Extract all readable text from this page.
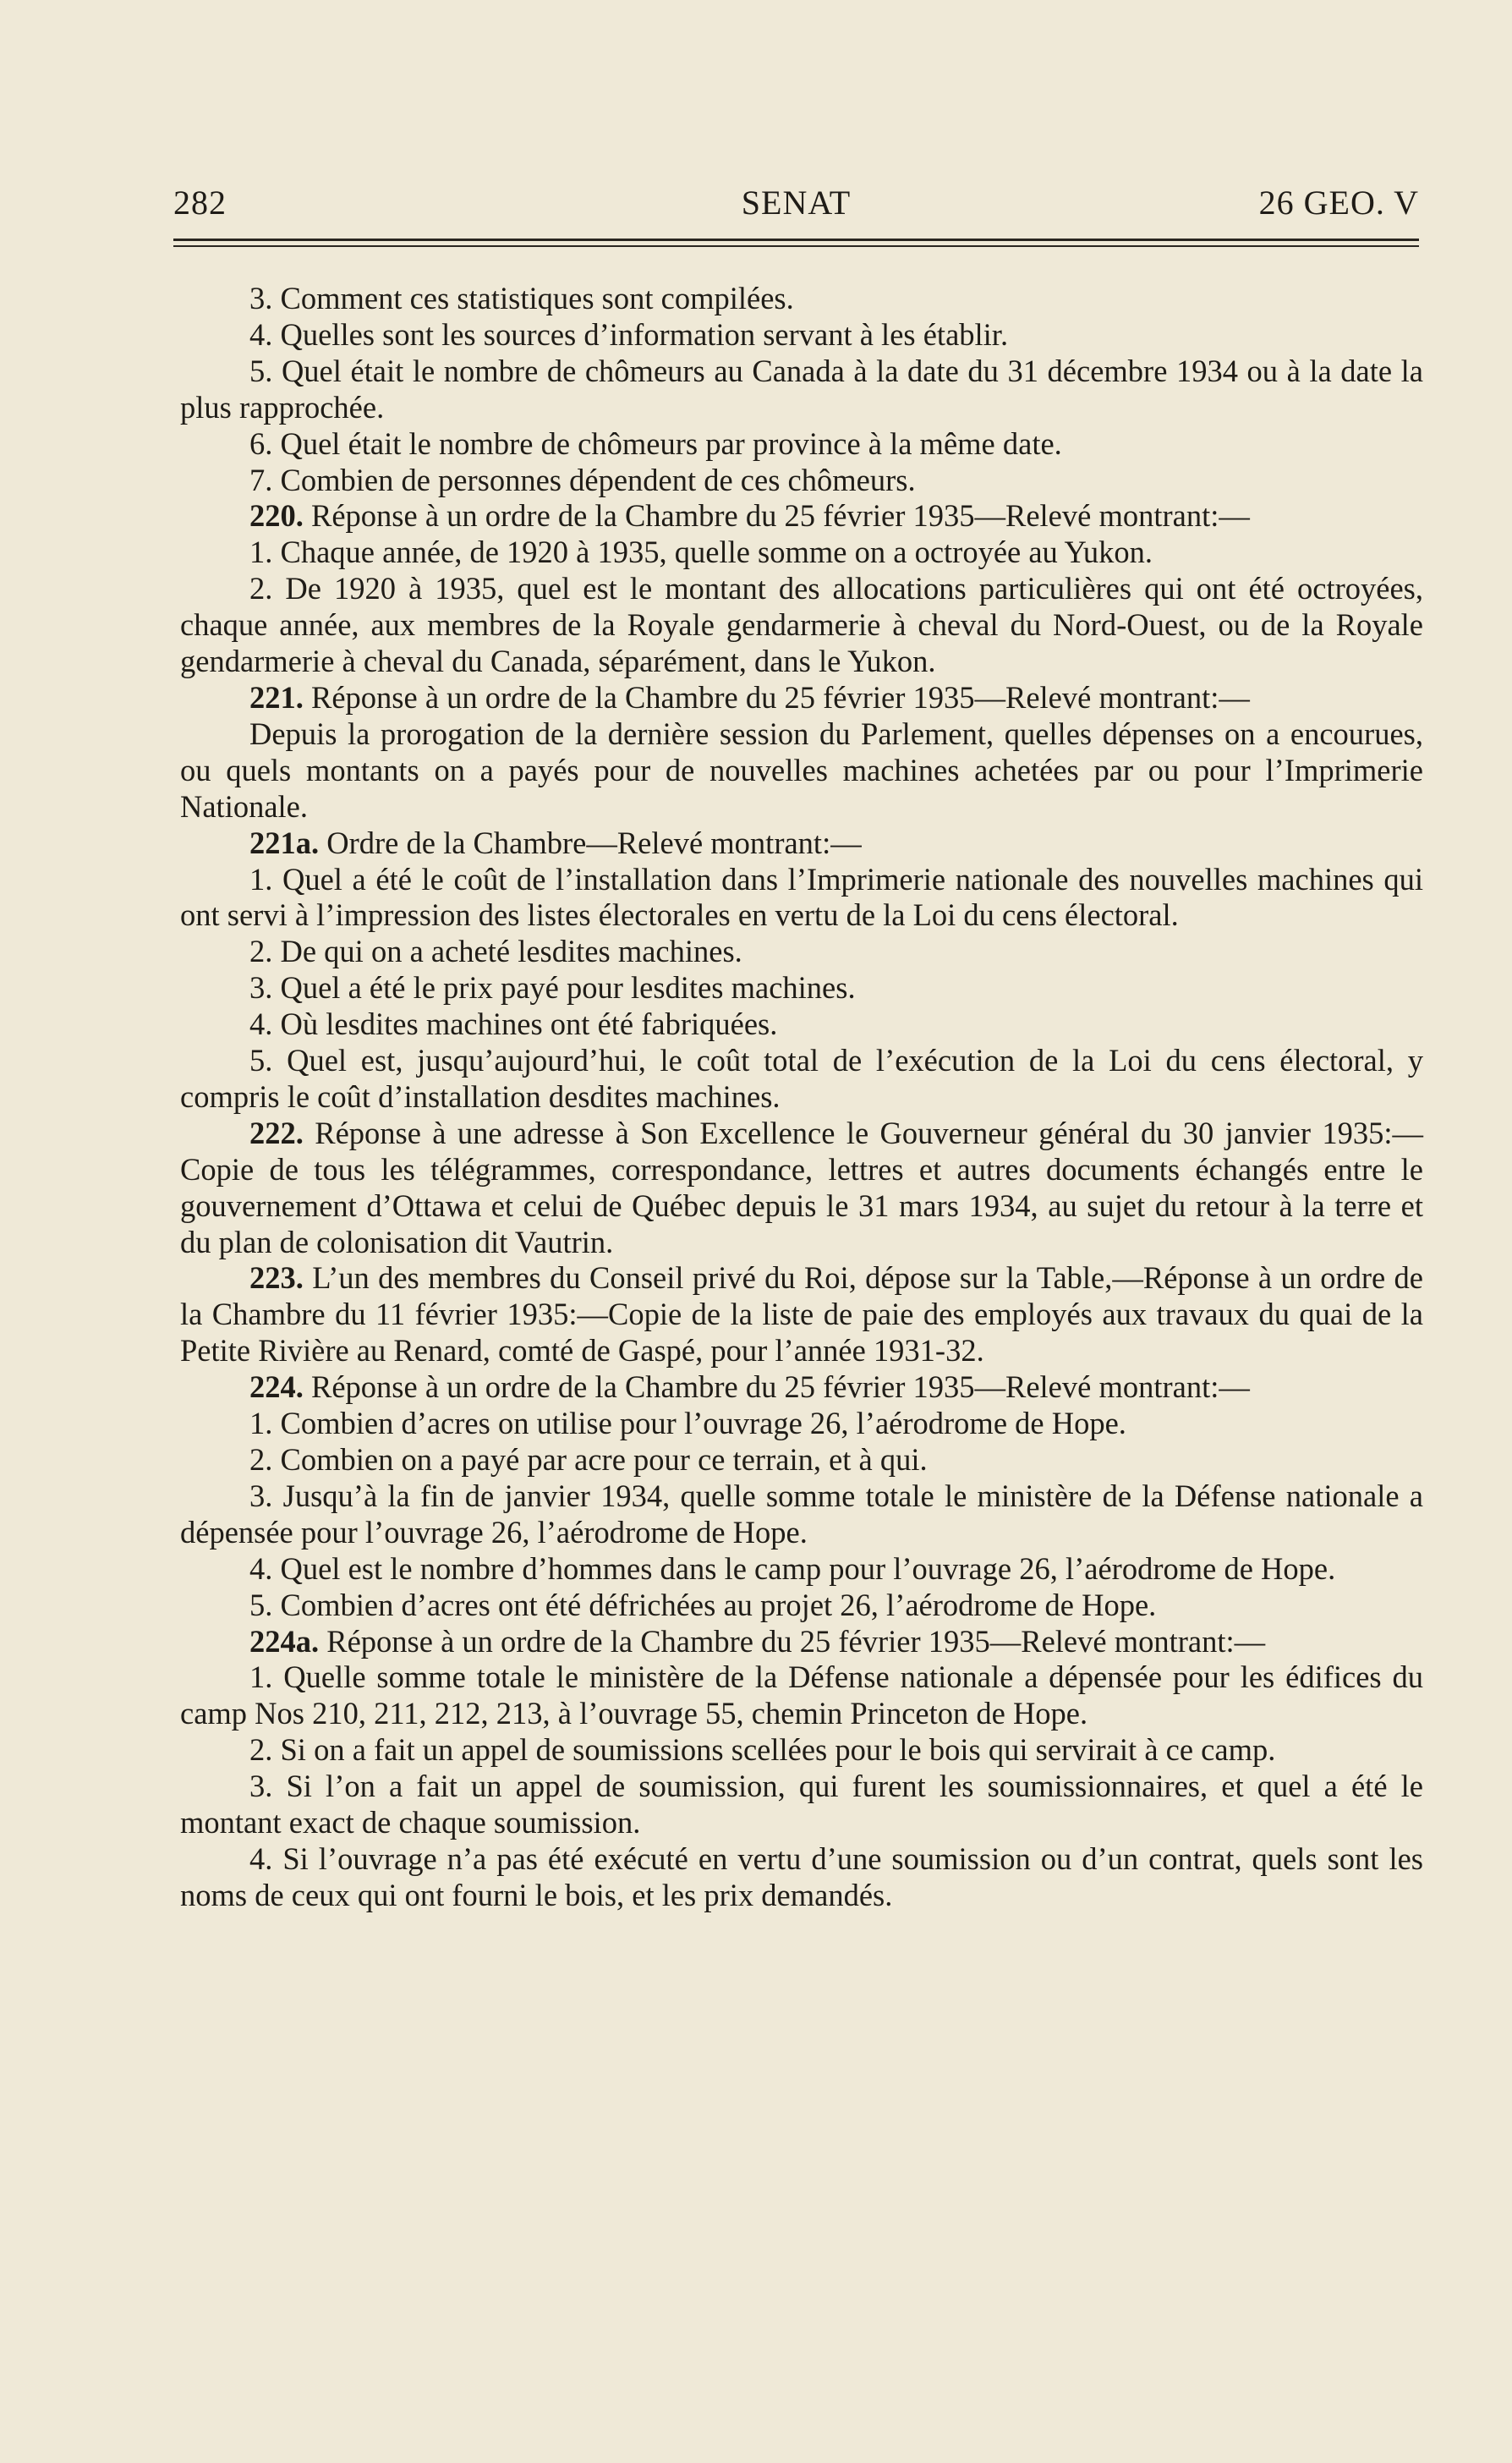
282	SENAT	26 GEO. V

3. Comment ces statistiques sont compilées.

4. Quelles sont les sources d’information servant à les établir.

5. Quel était le nombre de chômeurs au Canada à la date du 31 décembre 1934 ou à la date la plus rapprochée.

6. Quel était le nombre de chômeurs par province à la même date.

7. Combien de personnes dépendent de ces chômeurs.

220. Réponse à un ordre de la Chambre du 25 février 1935—Relevé montrant:—

1. Chaque année, de 1920 à 1935, quelle somme on a octroyée au Yukon.

2. De 1920 à 1935, quel est le montant des allocations particulières qui ont été octroyées, chaque année, aux membres de la Royale gendarmerie à cheval du Nord-Ouest, ou de la Royale gendarmerie à cheval du Canada, séparément, dans le Yukon.

221. Réponse à un ordre de la Chambre du 25 février 1935—Relevé montrant:—

Depuis la prorogation de la dernière session du Parlement, quelles dépenses on a encourues, ou quels montants on a payés pour de nouvelles machines achetées par ou pour l’Imprimerie Nationale.

221a. Ordre de la Chambre—Relevé montrant:—

1. Quel a été le coût de l’installation dans l’Imprimerie nationale des nouvelles machines qui ont servi à l’impression des listes électorales en vertu de la Loi du cens électoral.

2. De qui on a acheté lesdites machines.

3. Quel a été le prix payé pour lesdites machines.

4. Où lesdites machines ont été fabriquées.

5. Quel est, jusqu’aujourd’hui, le coût total de l’exécution de la Loi du cens électoral, y compris le coût d’installation desdites machines.

222. Réponse à une adresse à Son Excellence le Gouverneur général du 30 janvier 1935:—Copie de tous les télégrammes, correspondance, lettres et autres documents échangés entre le gouvernement d’Ottawa et celui de Québec depuis le 31 mars 1934, au sujet du retour à la terre et du plan de colonisation dit Vautrin.

223. L’un des membres du Conseil privé du Roi, dépose sur la Table,—Réponse à un ordre de la Chambre du 11 février 1935:—Copie de la liste de paie des employés aux travaux du quai de la Petite Rivière au Renard, comté de Gaspé, pour l’année 1931-32.

224. Réponse à un ordre de la Chambre du 25 février 1935—Relevé montrant:—

1. Combien d’acres on utilise pour l’ouvrage 26, l’aérodrome de Hope.

2. Combien on a payé par acre pour ce terrain, et à qui.

3. Jusqu’à la fin de janvier 1934, quelle somme totale le ministère de la Défense nationale a dépensée pour l’ouvrage 26, l’aérodrome de Hope.

4. Quel est le nombre d’hommes dans le camp pour l’ouvrage 26, l’aérodrome de Hope.

5. Combien d’acres ont été défrichées au projet 26, l’aérodrome de Hope.

224a. Réponse à un ordre de la Chambre du 25 février 1935—Relevé montrant:—

1. Quelle somme totale le ministère de la Défense nationale a dépensée pour les édifices du camp Nos 210, 211, 212, 213, à l’ouvrage 55, chemin Princeton de Hope.

2. Si on a fait un appel de soumissions scellées pour le bois qui servirait à ce camp.

3. Si l’on a fait un appel de soumission, qui furent les soumissionnaires, et quel a été le montant exact de chaque soumission.

4. Si l’ouvrage n’a pas été exécuté en vertu d’une soumission ou d’un contrat, quels sont les noms de ceux qui ont fourni le bois, et les prix demandés.
